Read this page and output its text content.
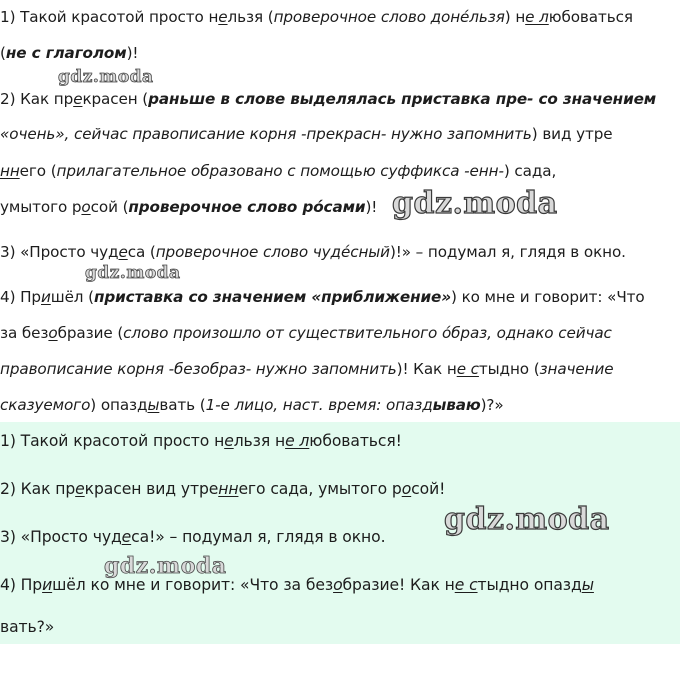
1) Такой красотой просто нельзя (проверочное слово доне́льзя) не любоваться
(не с глаголом)!
2) Как прекрасен (раньше в слове выделялась приставка пре- со значением
«очень», сейчас правописание корня -прекрасн- нужно запомнить) вид утре
ннего (прилагательное образовано с помощью суффикса -енн-) сада,
умытого росой (проверочное слово ро́сами)!
3) «Просто чудеса (проверочное слово чуде́сный)!» – подумал я, глядя в окно.
4) Пришёл (приставка со значением «приближение») ко мне и говорит: «Что
за безобразие (слово произошло от существительного о́браз, однако сейчас
правописание корня -безобраз- нужно запомнить)! Как не стыдно (значение
сказуемого) опаздывать (1-е лицо, наст. время: опаздываю)?»
1) Такой красотой просто нельзя не любоваться!
2) Как прекрасен вид утреннего сада, умытого росой!
3) «Просто чудеса!» – подумал я, глядя в окно.
4) Пришёл ко мне и говорит: «Что за безобразие! Как не стыдно опазды
вать?»
gdz.moda
gdz.moda
gdz.moda
gdz.moda
gdz.moda
